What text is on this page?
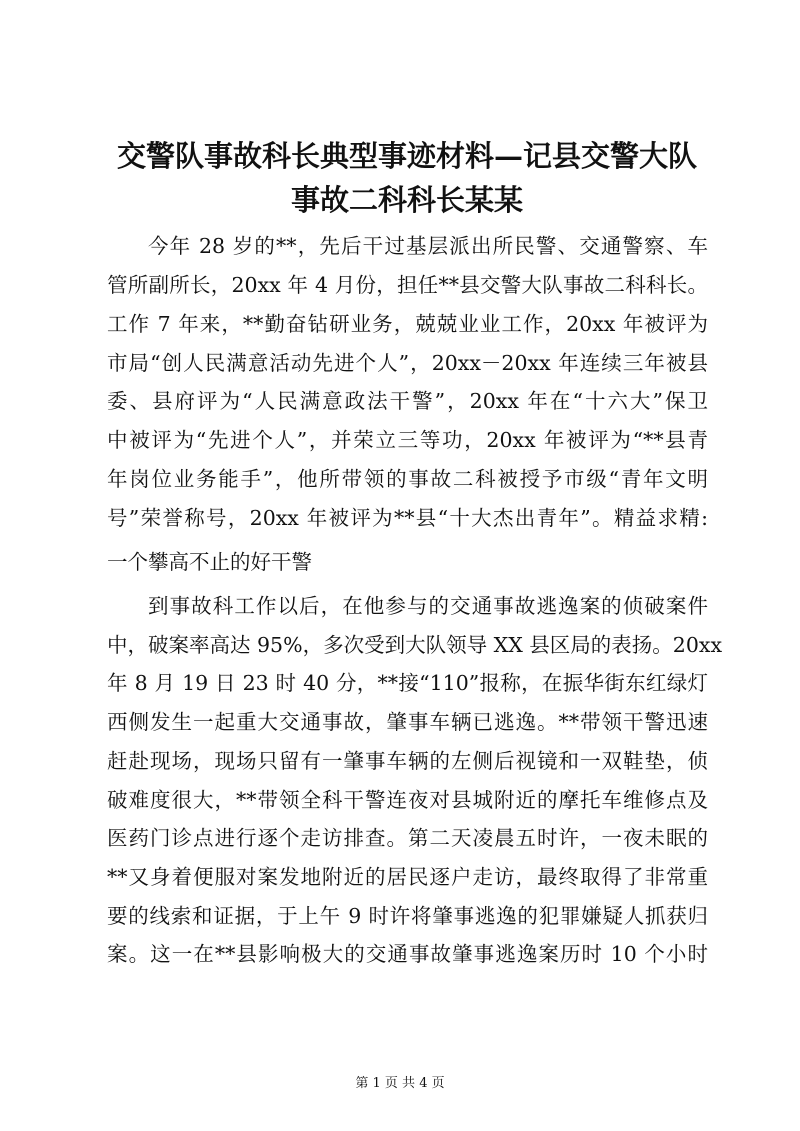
交警队事故科长典型事迹材料—记县交警大队
事故二科科长某某
今年 28 岁的**，先后干过基层派出所民警、交通警察、车
管所副所长，20xx 年 4 月份，担任**县交警大队事故二科科长。
工作 7 年来，**勤奋钻研业务，兢兢业业工作，20xx 年被评为
市局“创人民满意活动先进个人”，20xx－20xx 年连续三年被县
委、县府评为“人民满意政法干警”，20xx 年在“十六大”保卫
中被评为“先进个人”，并荣立三等功，20xx 年被评为“**县青
年岗位业务能手”，他所带领的事故二科被授予市级“青年文明
号”荣誉称号，20xx 年被评为**县“十大杰出青年”。精益求精:
一个攀高不止的好干警
到事故科工作以后，在他参与的交通事故逃逸案的侦破案件
中，破案率高达 95%，多次受到大队领导 XX 县区局的表扬。20xx
年 8 月 19 日 23 时 40 分，**接“110”报称，在振华街东红绿灯
西侧发生一起重大交通事故，肇事车辆已逃逸。**带领干警迅速
赶赴现场，现场只留有一肇事车辆的左侧后视镜和一双鞋垫，侦
破难度很大，**带领全科干警连夜对县城附近的摩托车维修点及
医药门诊点进行逐个走访排查。第二天凌晨五时许，一夜未眠的
**又身着便服对案发地附近的居民逐户走访，最终取得了非常重
要的线索和证据，于上午 9 时许将肇事逃逸的犯罪嫌疑人抓获归
案。这一在**县影响极大的交通事故肇事逃逸案历时 10 个小时
第 1 页 共 4 页
